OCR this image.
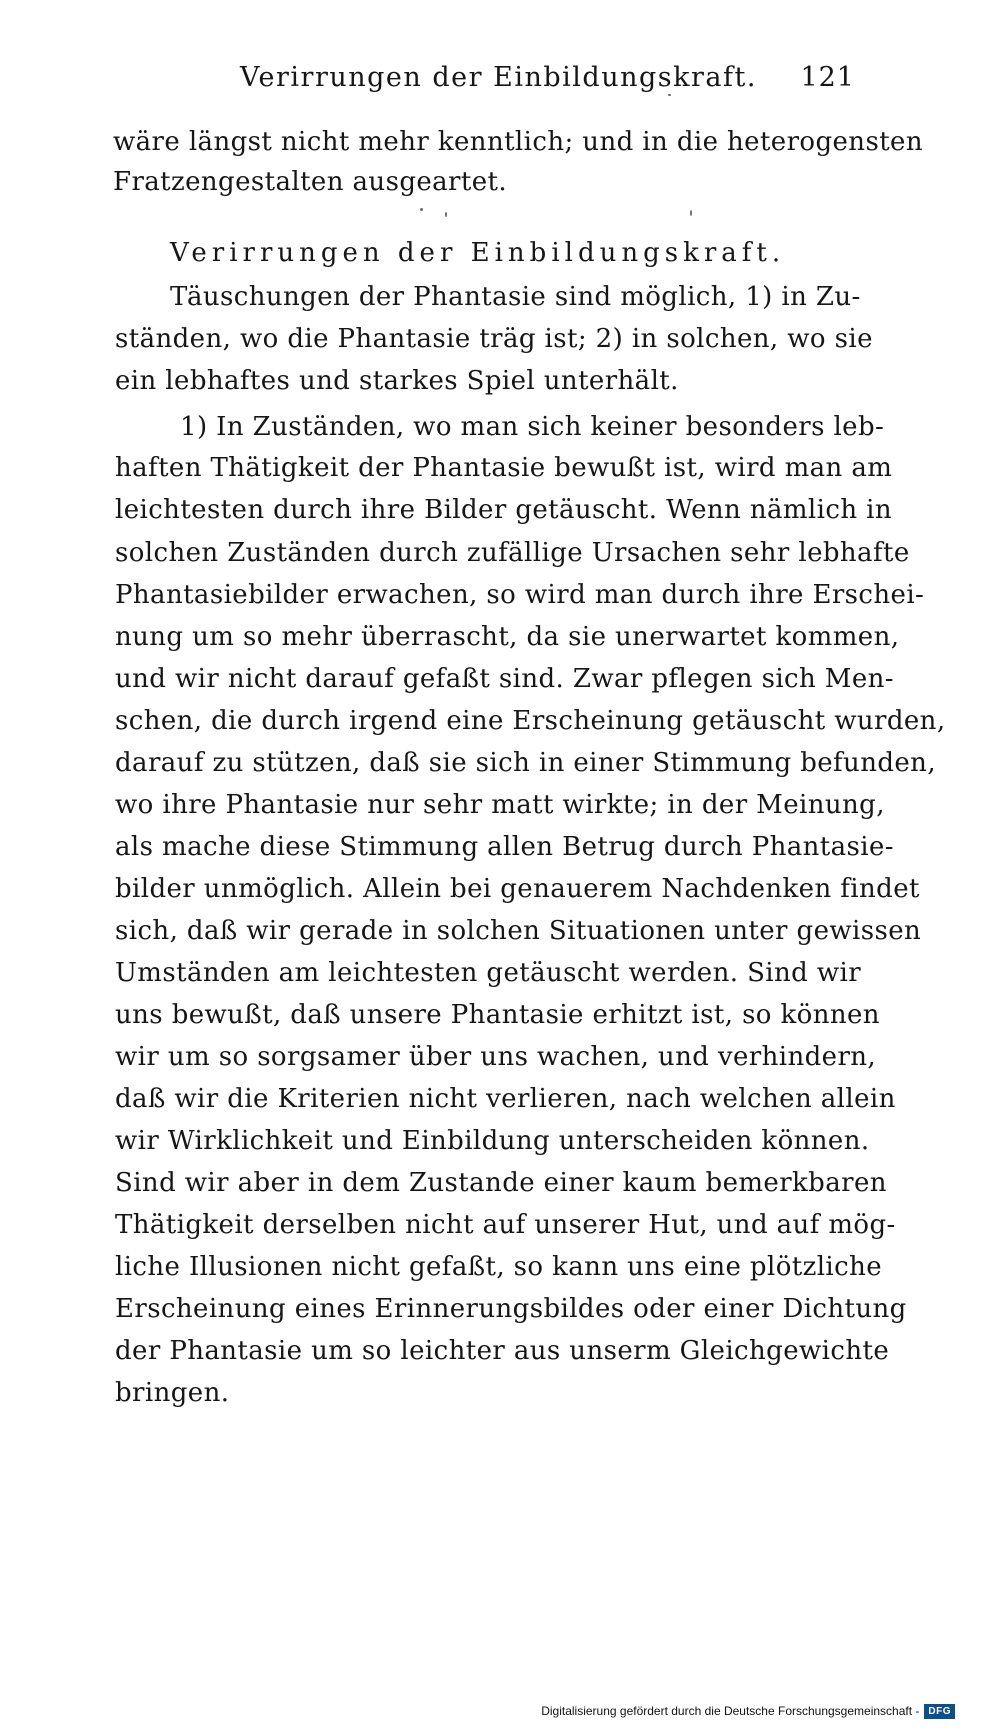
Verirrungen der Einbildungskraft. 121
wäre längst nicht mehr kenntlich; und in die heterogensten
Fratzengestalten ausgeartet.
Verirrungen der Einbildungskraft.
Täuschungen der Phantasie sind möglich, 1) in Zu-
ständen, wo die Phantasie träg ist; 2) in solchen, wo sie
ein lebhaftes und starkes Spiel unterhält.
1) In Zuständen, wo man sich keiner besonders leb-
haften Thätigkeit der Phantasie bewußt ist, wird man am
leichtesten durch ihre Bilder getäuscht. Wenn nämlich in
solchen Zuständen durch zufällige Ursachen sehr lebhafte
Phantasiebilder erwachen, so wird man durch ihre Erschei-
nung um so mehr überrascht, da sie unerwartet kommen,
und wir nicht darauf gefaßt sind. Zwar pflegen sich Men-
schen, die durch irgend eine Erscheinung getäuscht wurden,
darauf zu stützen, daß sie sich in einer Stimmung befunden,
wo ihre Phantasie nur sehr matt wirkte; in der Meinung,
als mache diese Stimmung allen Betrug durch Phantasie-
bilder unmöglich. Allein bei genauerem Nachdenken findet
sich, daß wir gerade in solchen Situationen unter gewissen
Umständen am leichtesten getäuscht werden. Sind wir
uns bewußt, daß unsere Phantasie erhitzt ist, so können
wir um so sorgsamer über uns wachen, und verhindern,
daß wir die Kriterien nicht verlieren, nach welchen allein
wir Wirklichkeit und Einbildung unterscheiden können.
Sind wir aber in dem Zustande einer kaum bemerkbaren
Thätigkeit derselben nicht auf unserer Hut, und auf mög-
liche Illusionen nicht gefaßt, so kann uns eine plötzliche
Erscheinung eines Erinnerungsbildes oder einer Dichtung
der Phantasie um so leichter aus unserm Gleichgewichte
bringen.
Digitalisierung gefördert durch die Deutsche Forschungsgemeinschaft - DFG
